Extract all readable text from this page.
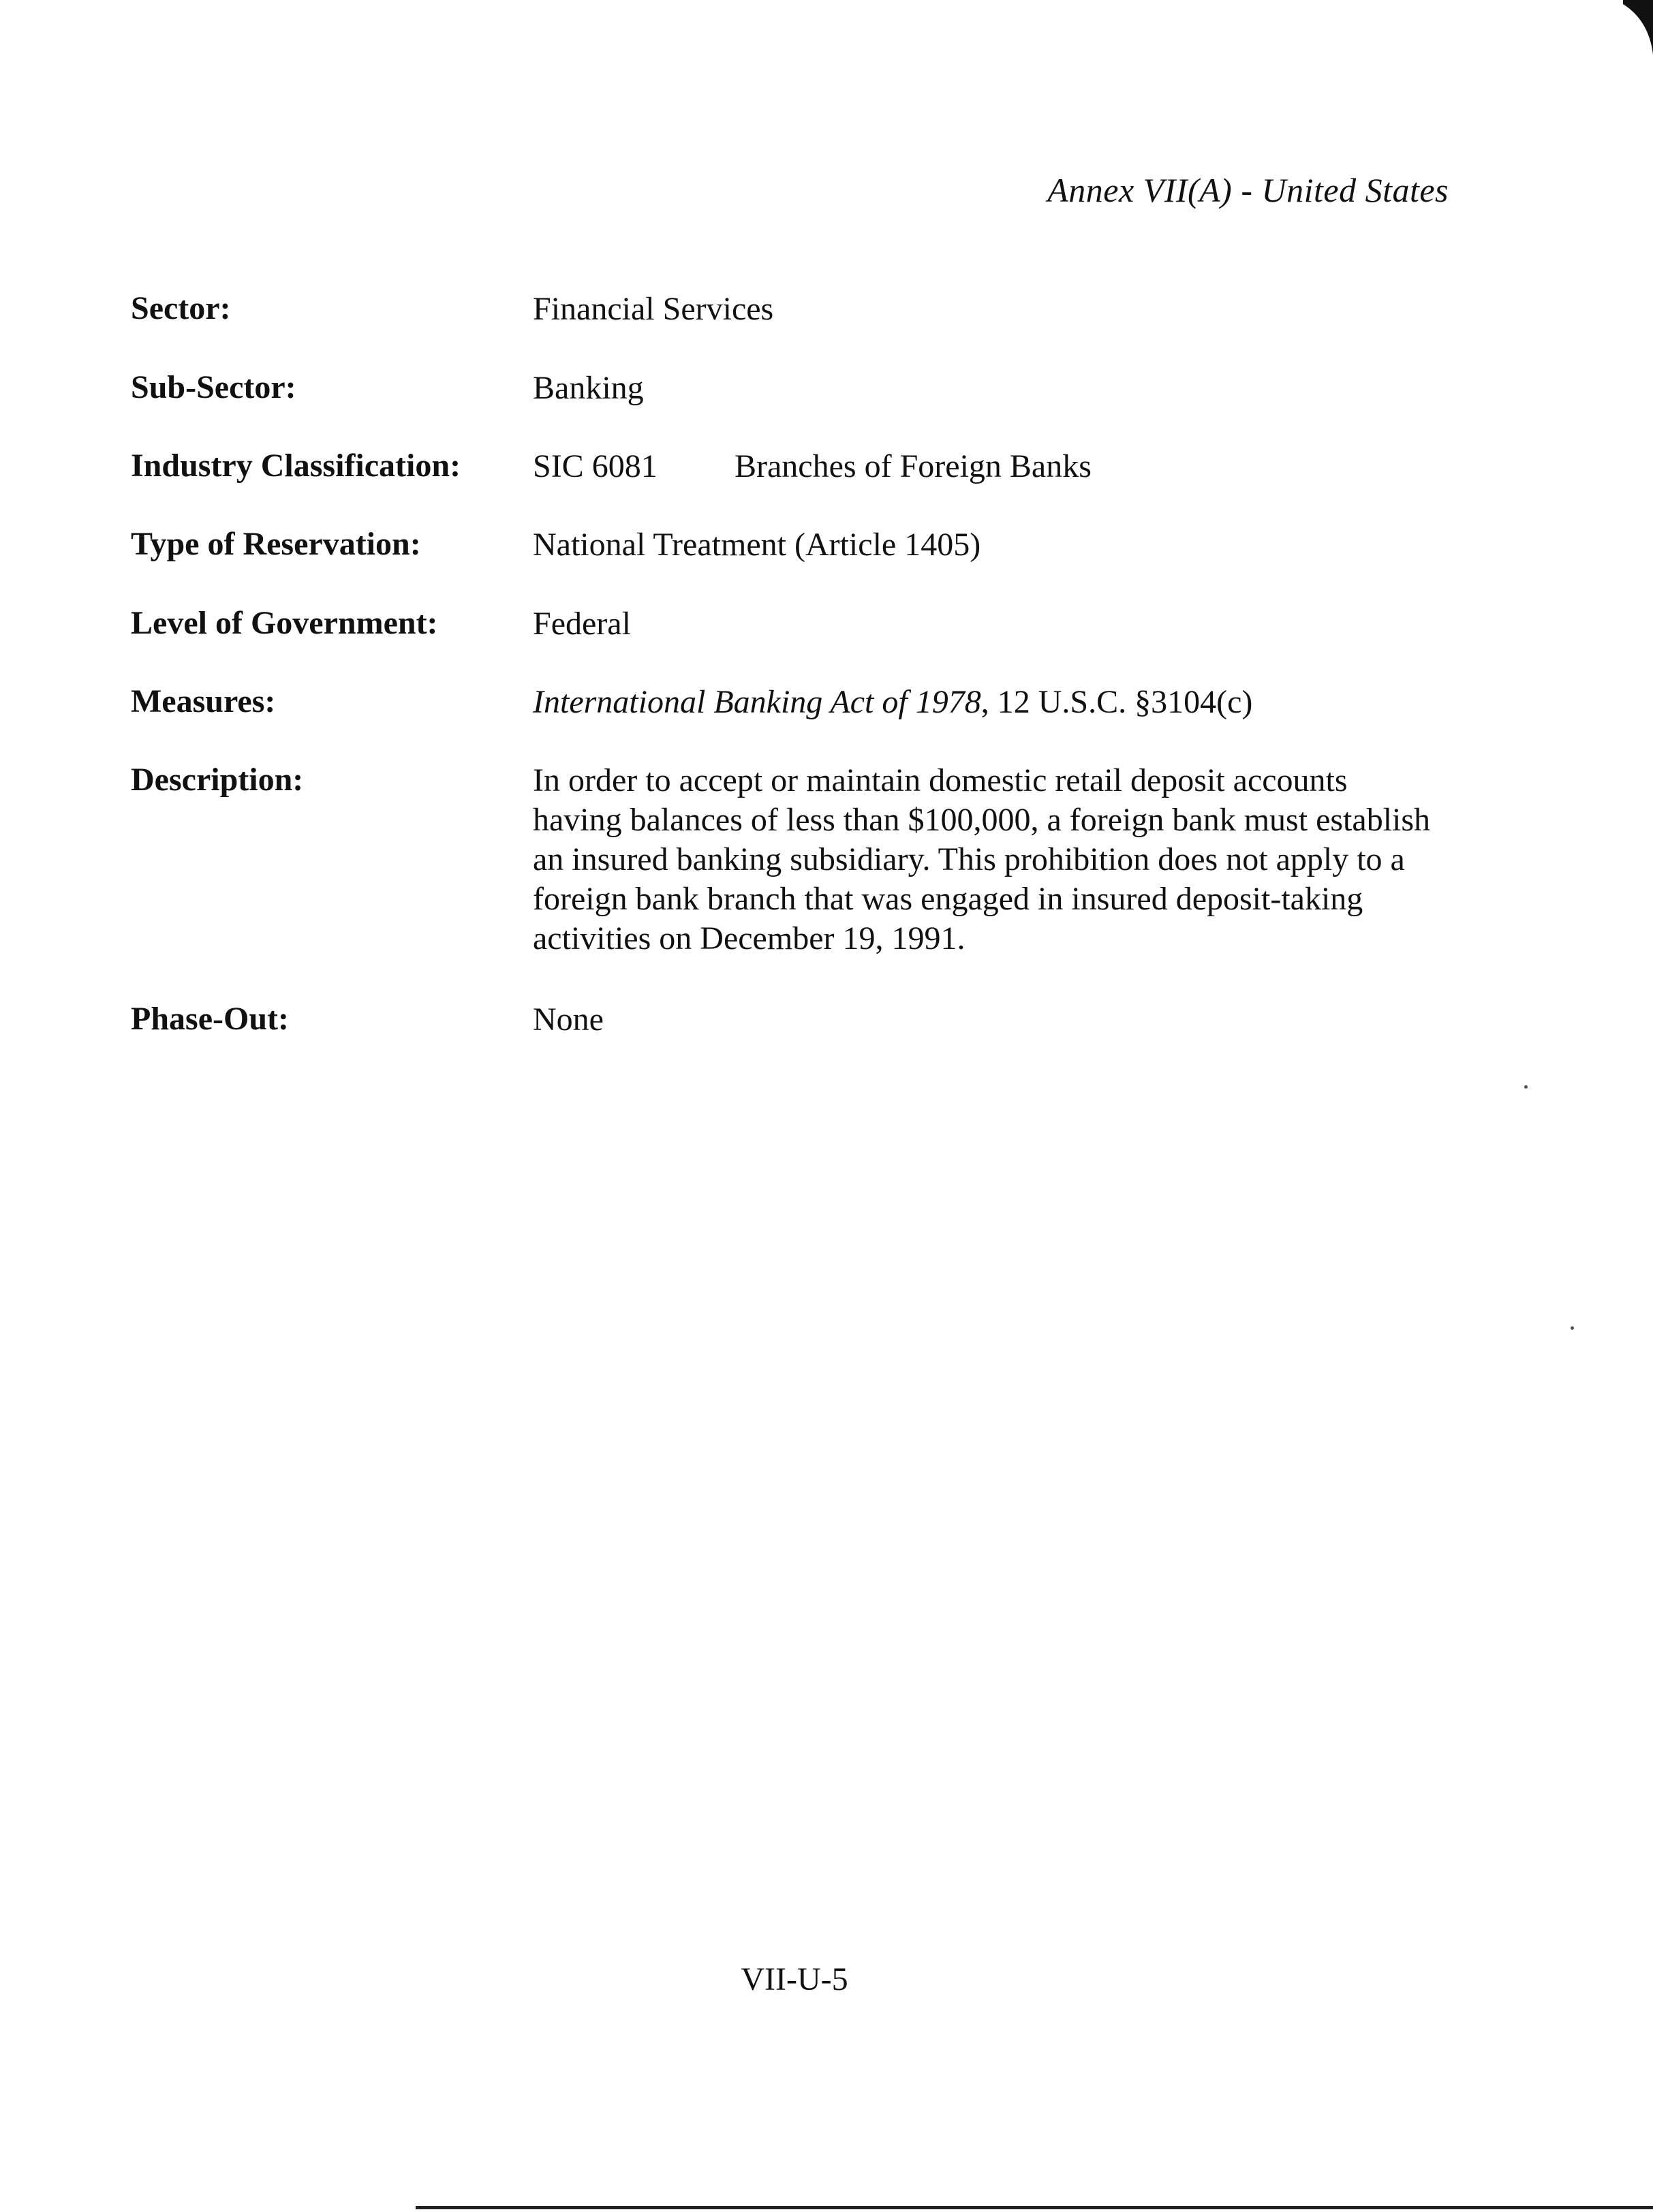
Annex VII(A) - United States
Sector:	Financial Services
Sub-Sector:	Banking
Industry Classification:	SIC 6081 Branches of Foreign Banks
Type of Reservation:	National Treatment (Article 1405)
Level of Government:	Federal
Measures:	International Banking Act of 1978, 12 U.S.C. §3104(c)
Description:	In order to accept or maintain domestic retail deposit accounts having balances of less than $100,000, a foreign bank must establish an insured banking subsidiary. This prohibition does not apply to a foreign bank branch that was engaged in insured deposit-taking activities on December 19, 1991.

Phase-Out:	None
VII-U-5
